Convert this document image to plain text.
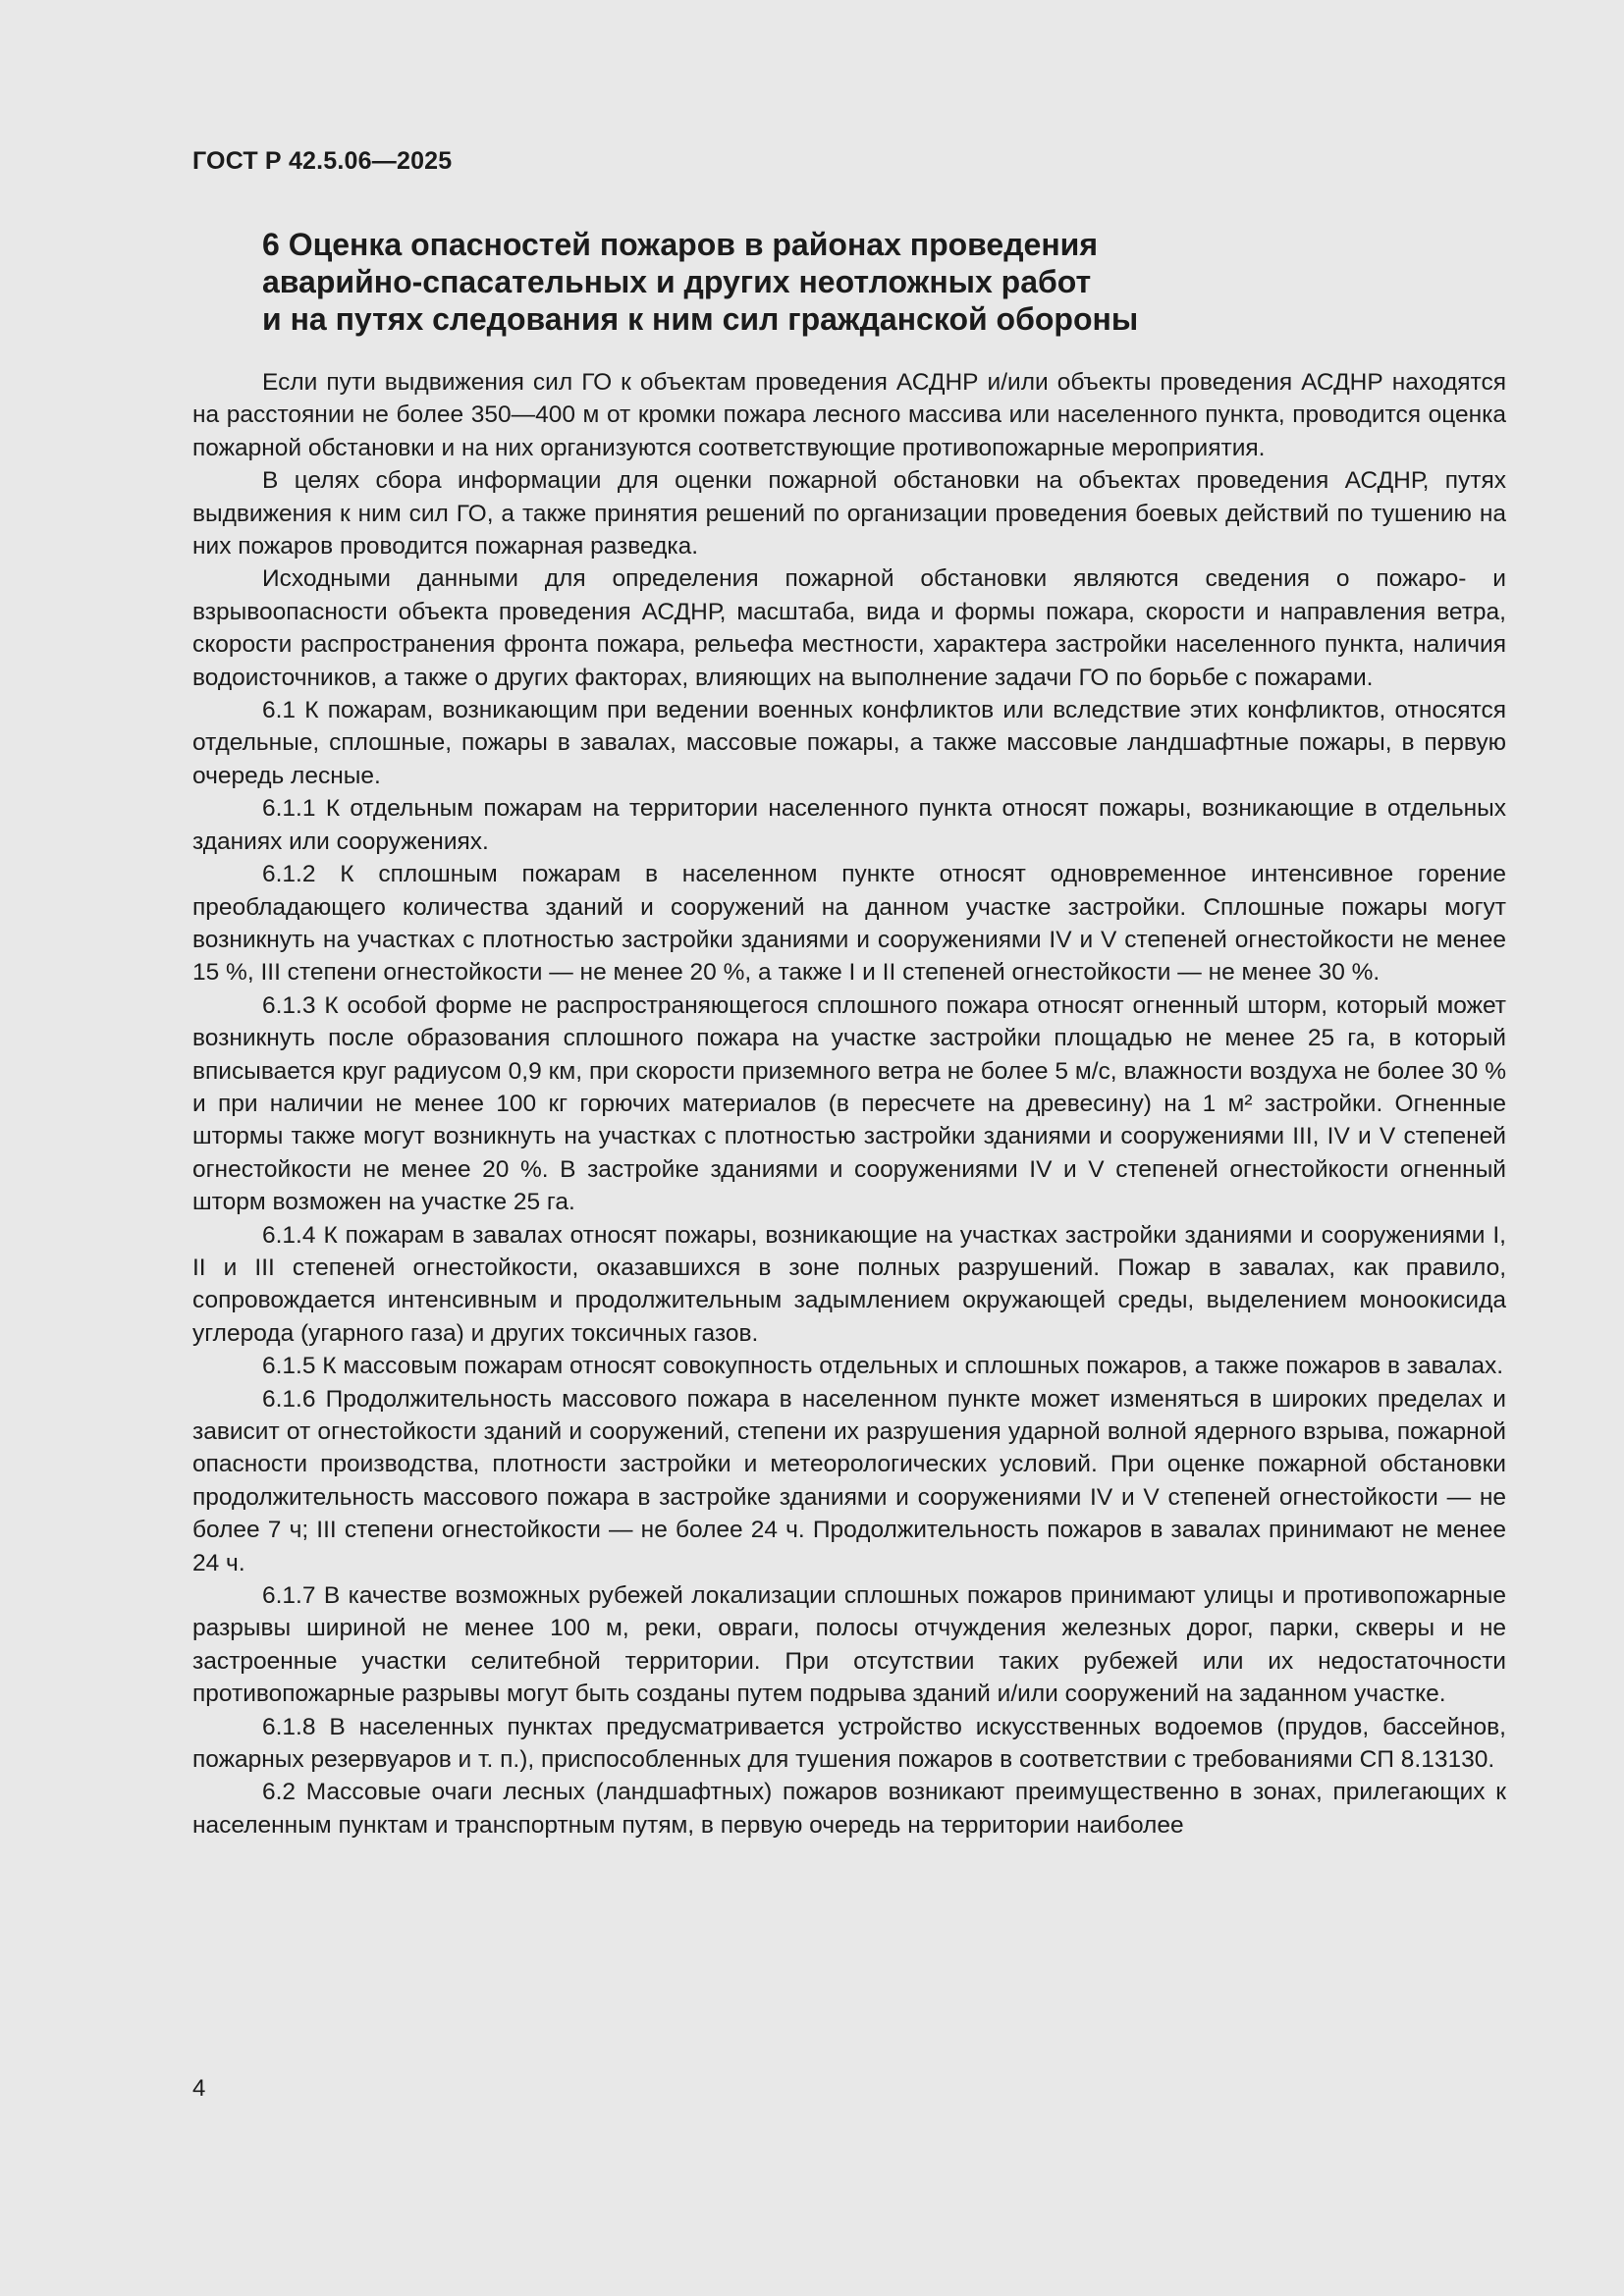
ГОСТ Р 42.5.06—2025

6 Оценка опасностей пожаров в районах проведения
аварийно-спасательных и других неотложных работ
и на путях следования к ним сил гражданской обороны

Если пути выдвижения сил ГО к объектам проведения АСДНР и/или объекты проведения АСДНР находятся на расстоянии не более 350—400 м от кромки пожара лесного массива или населенного пункта, проводится оценка пожарной обстановки и на них организуются соответствующие противопожарные мероприятия.

В целях сбора информации для оценки пожарной обстановки на объектах проведения АСДНР, путях выдвижения к ним сил ГО, а также принятия решений по организации проведения боевых действий по тушению на них пожаров проводится пожарная разведка.

Исходными данными для определения пожарной обстановки являются сведения о пожаро- и взрывоопасности объекта проведения АСДНР, масштаба, вида и формы пожара, скорости и направления ветра, скорости распространения фронта пожара, рельефа местности, характера застройки населенного пункта, наличия водоисточников, а также о других факторах, влияющих на выполнение задачи ГО по борьбе с пожарами.

6.1 К пожарам, возникающим при ведении военных конфликтов или вследствие этих конфликтов, относятся отдельные, сплошные, пожары в завалах, массовые пожары, а также массовые ландшафтные пожары, в первую очередь лесные.

6.1.1 К отдельным пожарам на территории населенного пункта относят пожары, возникающие в отдельных зданиях или сооружениях.

6.1.2 К сплошным пожарам в населенном пункте относят одновременное интенсивное горение преобладающего количества зданий и сооружений на данном участке застройки. Сплошные пожары могут возникнуть на участках с плотностью застройки зданиями и сооружениями IV и V степеней огнестойкости не менее 15 %, III степени огнестойкости — не менее 20 %, а также I и II степеней огнестойкости — не менее 30 %.

6.1.3 К особой форме не распространяющегося сплошного пожара относят огненный шторм, который может возникнуть после образования сплошного пожара на участке застройки площадью не менее 25 га, в который вписывается круг радиусом 0,9 км, при скорости приземного ветра не более 5 м/с, влажности воздуха не более 30 % и при наличии не менее 100 кг горючих материалов (в пересчете на древесину) на 1 м² застройки. Огненные штормы также могут возникнуть на участках с плотностью застройки зданиями и сооружениями III, IV и V степеней огнестойкости не менее 20 %. В застройке зданиями и сооружениями IV и V степеней огнестойкости огненный шторм возможен на участке 25 га.

6.1.4 К пожарам в завалах относят пожары, возникающие на участках застройки зданиями и сооружениями I, II и III степеней огнестойкости, оказавшихся в зоне полных разрушений. Пожар в завалах, как правило, сопровождается интенсивным и продолжительным задымлением окружающей среды, выделением моноокисида углерода (угарного газа) и других токсичных газов.

6.1.5 К массовым пожарам относят совокупность отдельных и сплошных пожаров, а также пожаров в завалах.

6.1.6 Продолжительность массового пожара в населенном пункте может изменяться в широких пределах и зависит от огнестойкости зданий и сооружений, степени их разрушения ударной волной ядерного взрыва, пожарной опасности производства, плотности застройки и метеорологических условий. При оценке пожарной обстановки продолжительность массового пожара в застройке зданиями и сооружениями IV и V степеней огнестойкости — не более 7 ч; III степени огнестойкости — не более 24 ч. Продолжительность пожаров в завалах принимают не менее 24 ч.

6.1.7 В качестве возможных рубежей локализации сплошных пожаров принимают улицы и противопожарные разрывы шириной не менее 100 м, реки, овраги, полосы отчуждения железных дорог, парки, скверы и не застроенные участки селитебной территории. При отсутствии таких рубежей или их недостаточности противопожарные разрывы могут быть созданы путем подрыва зданий и/или сооружений на заданном участке.

6.1.8 В населенных пунктах предусматривается устройство искусственных водоемов (прудов, бассейнов, пожарных резервуаров и т. п.), приспособленных для тушения пожаров в соответствии с требованиями СП 8.13130.

6.2 Массовые очаги лесных (ландшафтных) пожаров возникают преимущественно в зонах, прилегающих к населенным пунктам и транспортным путям, в первую очередь на территории наиболее

4
